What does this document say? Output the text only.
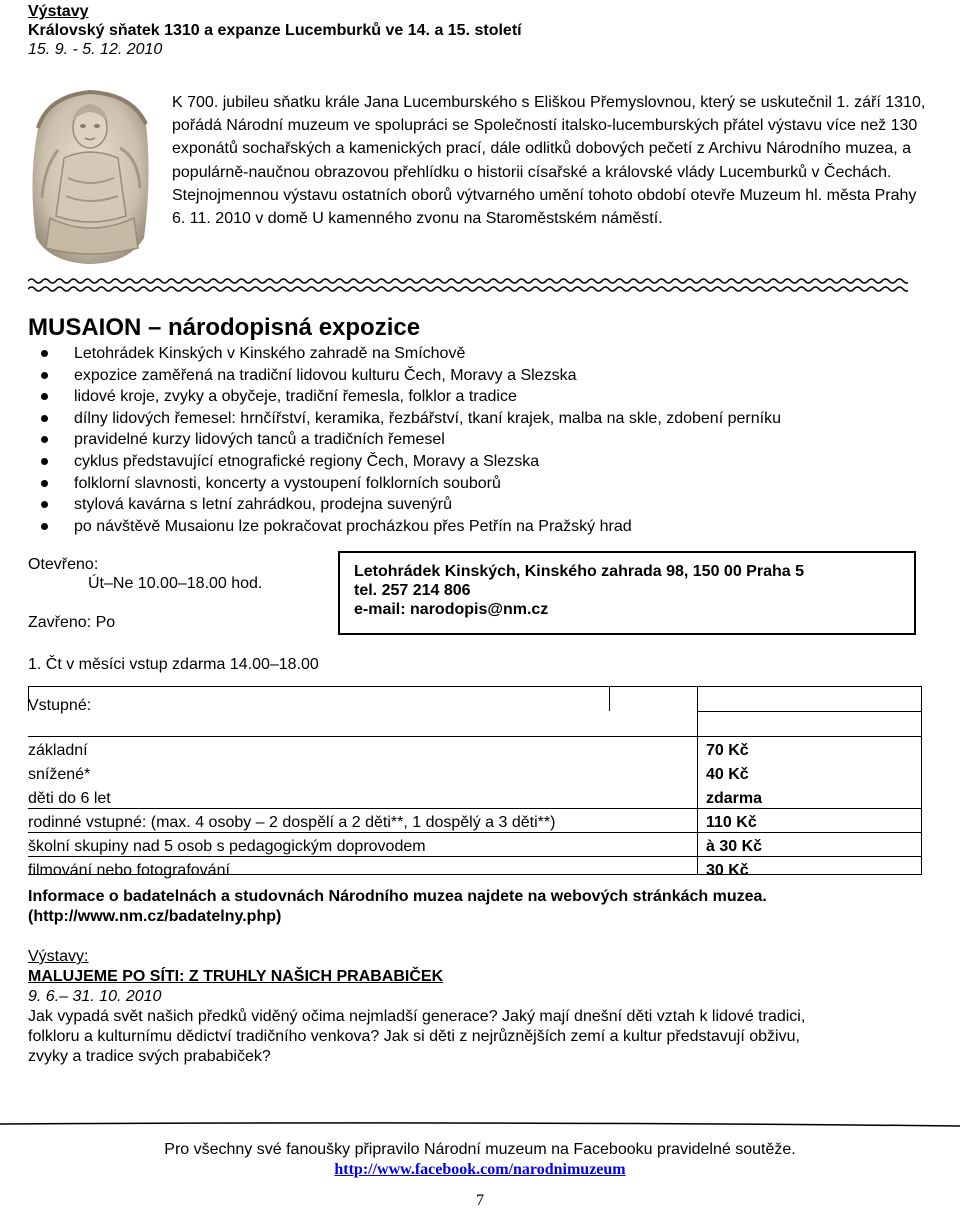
Výstavy
Královský sňatek 1310 a expanze Lucemburků ve 14. a 15. století
15. 9. - 5. 12. 2010

K 700. jubileu sňatku krále Jana Lucemburského s Eliškou Přemyslovnou, který se uskutečnil 1. září 1310, pořádá Národní muzeum ve spolupráci se Společností italsko-lucemburských přátel výstavu více než 130 exponátů sochařských a kamenických prací, dále odlitků dobových pečetí z Archivu Národního muzea, a populárně-naučnou obrazovou přehlídku o historii císařské a královské vlády Lucemburků v Čechách. Stejnojmennou výstavu ostatních oborů výtvarného umění tohoto období otevře Muzeum hl. města Prahy 6. 11. 2010 v domě U kamenného zvonu na Staroměstském náměstí.

MUSAION – národopisná expozice
Letohrádek Kinských v Kinského zahradě na Smíchově
expozice zaměřená na tradiční lidovou kulturu Čech, Moravy a Slezska
lidové kroje, zvyky a obyčeje, tradiční řemesla, folklor a tradice
dílny lidových řemesel: hrnčířství, keramika, řezbářství, tkaní krajek, malba na skle, zdobení perníku
pravidelné kurzy lidových tanců a tradičních řemesel
cyklus představující etnografické regiony Čech, Moravy a Slezska
folklorní slavnosti, koncerty a vystoupení folklorních souborů
stylová kavárna s letní zahrádkou, prodejna suvenýrů
po návštěvě Musaionu lze pokračovat procházkou přes Petřín na Pražský hrad
Otevřeno:
Út–Ne 10.00–18.00 hod.
Zavřeno: Po
Letohrádek Kinských, Kinského zahrada 98, 150 00 Praha 5
tel. 257 214 806
e-mail: narodopis@nm.cz
1. Čt v měsíci vstup zdarma 14.00–18.00
Vstupné:
základní	70 Kč
snížené*	40 Kč
děti do 6 let	zdarma
rodinné vstupné: (max. 4 osoby – 2 dospělí a 2 děti**, 1 dospělý a 3 děti**)	110 Kč
školní skupiny nad 5 osob s pedagogickým doprovodem	à 30 Kč
filmování nebo fotografování	30 Kč
Informace o badatelnách a studovnách Národního muzea najdete na webových stránkách muzea.
(http://www.nm.cz/badatelny.php)
Výstavy:
MALUJEME PO SÍTI: Z TRUHLY NAŠICH PRABABIČEK
9. 6.– 31. 10. 2010
Jak vypadá svět našich předků viděný očima nejmladší generace? Jaký mají dnešní děti vztah k lidové tradici,
folkloru a kulturnímu dědictví tradičního venkova? Jak si děti z nejrůznějších zemí a kultur představují obživu,
zvyky a tradice svých prababiček?
Pro všechny své fanoušky připravilo Národní muzeum na Facebooku pravidelné soutěže.
http://www.facebook.com/narodnimuzeum
7
